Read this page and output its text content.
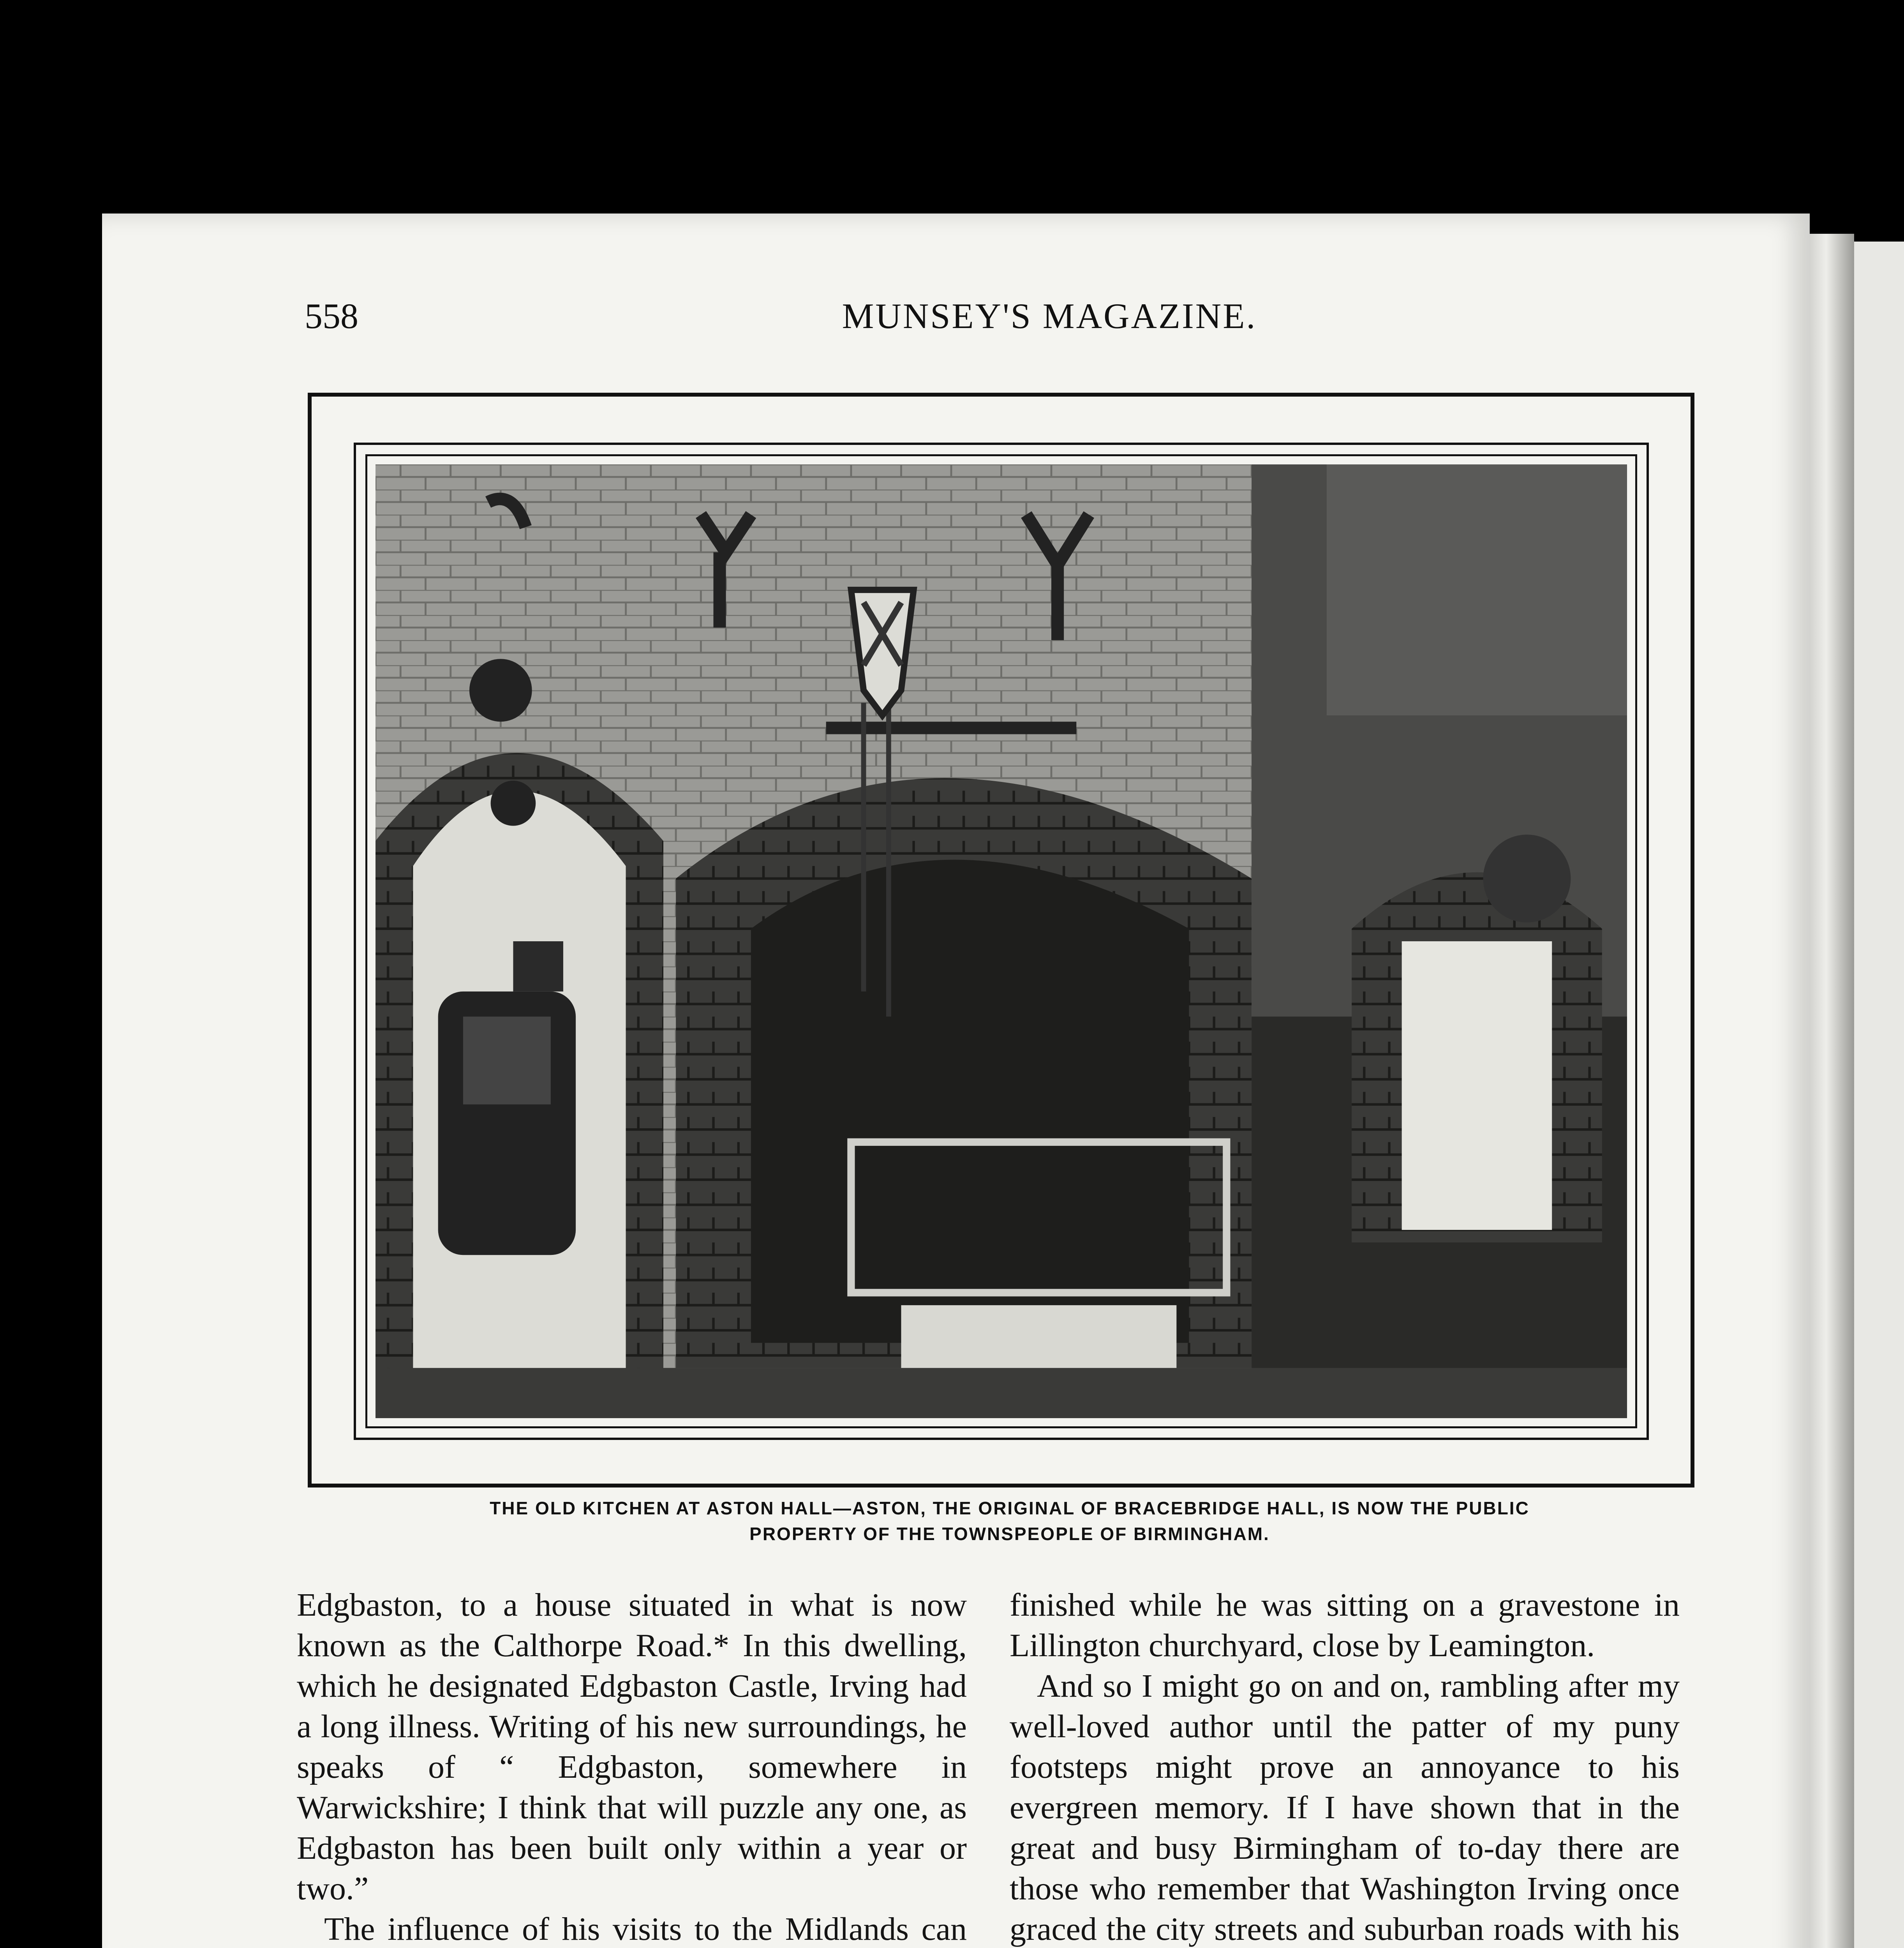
558	MUNSEY'S MAGAZINE.
THE OLD KITCHEN AT ASTON HALL—ASTON, THE ORIGINAL OF BRACEBRIDGE HALL, IS NOW THE PUBLIC
PROPERTY OF THE TOWNSPEOPLE OF BIRMINGHAM.

Edgbaston, to a house situated in what is now known as the Calthorpe Road.* In this dwelling, which he designated Edgbaston Castle, Irving had a long illness. Writing of his new surroundings, he speaks of “ Edgbaston, somewhere in Warwickshire; I think that will puzzle any one, as Edgbaston has been built only within a year or two.”

The influence of his visits to the Midlands can

finished while he was sitting on a gravestone in Lillington churchyard, close by Leamington.

And so I might go on and on, rambling after my well-loved author until the patter of my puny footsteps might prove an annoyance to his evergreen memory. If I have shown that in the great and busy Birmingham of to-day there are those who remember that Washington Irving once graced the city streets and suburban roads with his
